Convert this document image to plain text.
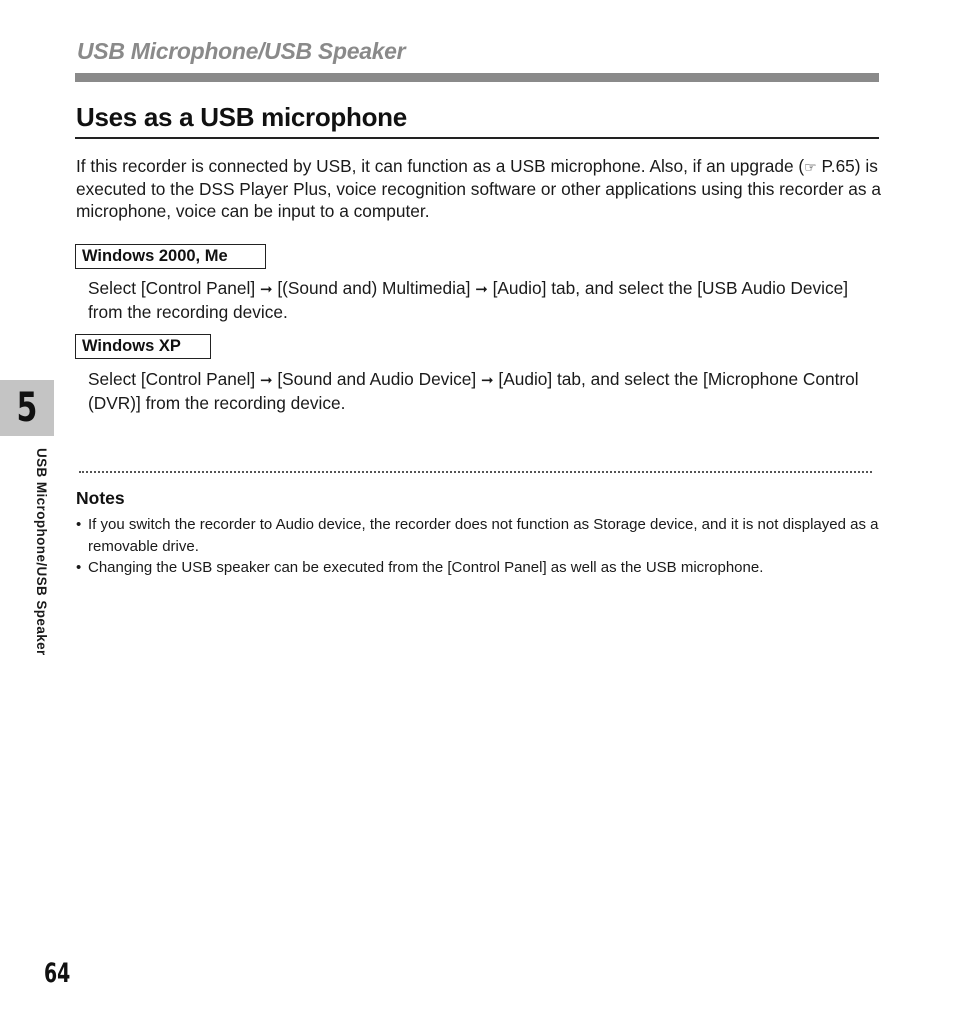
USB Microphone/USB Speaker
Uses as a USB microphone

If this recorder is connected by USB, it can function as a USB microphone. Also, if an upgrade (☞ P.65) is executed to the DSS Player Plus, voice recognition software or other applications using this recorder as a microphone, voice can be input to a computer.

Windows 2000, Me

Select [Control Panel] ➞ [(Sound and) Multimedia] ➞ [Audio] tab, and select the [USB Audio Device] from the recording device.

Windows XP

Select [Control Panel] ➞ [Sound and Audio Device] ➞ [Audio] tab, and select the [Microphone Control (DVR)] from the recording device.

5
USB Microphone/USB Speaker Notes
• If you switch the recorder to Audio device, the recorder does not function as Storage device, and it is not displayed as a removable drive.
• Changing the USB speaker can be executed from the [Control Panel] as well as the USB microphone.
64
